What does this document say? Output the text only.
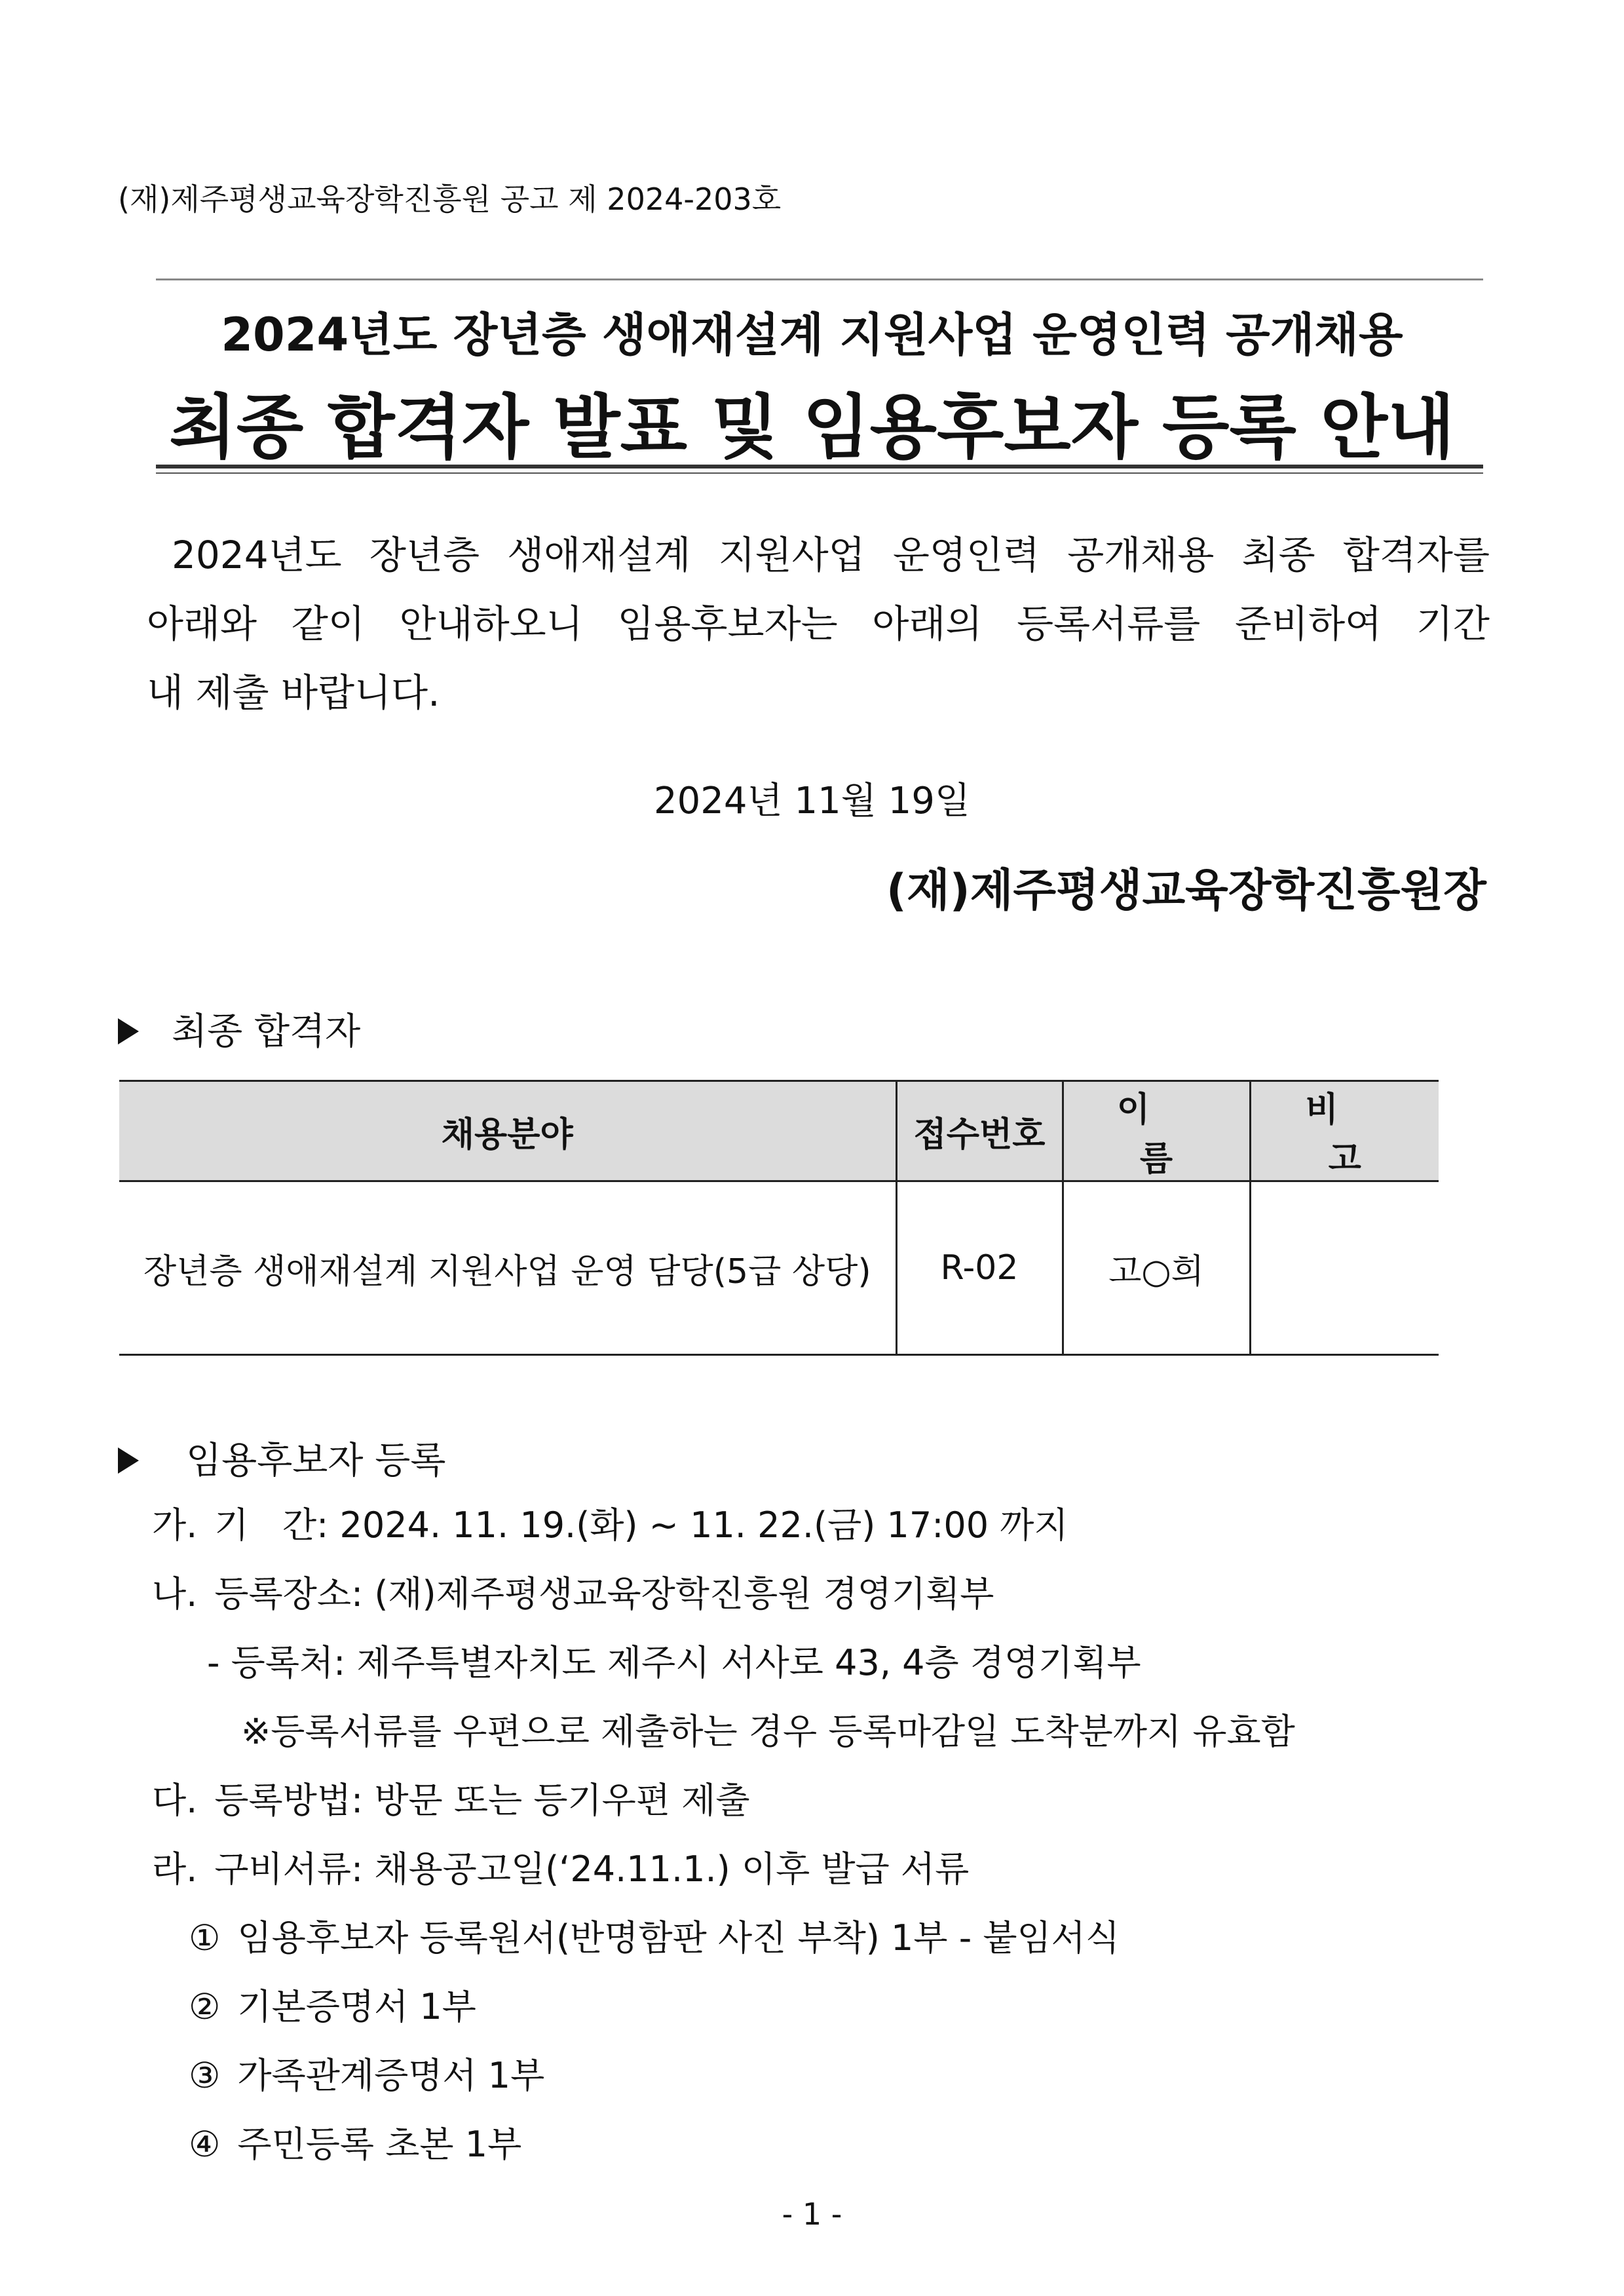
(재)제주평생교육장학진흥원 공고 제 2024-203호
2024년도 장년층 생애재설계 지원사업 운영인력 공개채용
최종 합격자 발표 및 임용후보자 등록 안내
2024년도 장년층 생애재설계 지원사업 운영인력 공개채용 최종 합격자를
아래와 같이 안내하오니 임용후보자는 아래의 등록서류를 준비하여 기간
내 제출 바랍니다.
2024년 11월 19일
(재)제주평생교육장학진흥원장
최종 합격자
채용분야	접수번호	이 름	비 고
장년층 생애재설계 지원사업 운영 담당(5급 상당)	R-02	고○희	
임용후보자 등록
가. 기   간: 2024. 11. 19.(화) ~ 11. 22.(금) 17:00 까지
나. 등록장소: (재)제주평생교육장학진흥원 경영기획부
- 등록처: 제주특별자치도 제주시 서사로 43, 4층 경영기획부
※등록서류를 우편으로 제출하는 경우 등록마감일 도착분까지 유효함
다. 등록방법: 방문 또는 등기우편 제출
라. 구비서류: 채용공고일(‘24.11.1.) 이후 발급 서류
① 임용후보자 등록원서(반명함판 사진 부착) 1부 - 붙임서식
② 기본증명서 1부
③ 가족관계증명서 1부
④ 주민등록 초본 1부
- 1 -
